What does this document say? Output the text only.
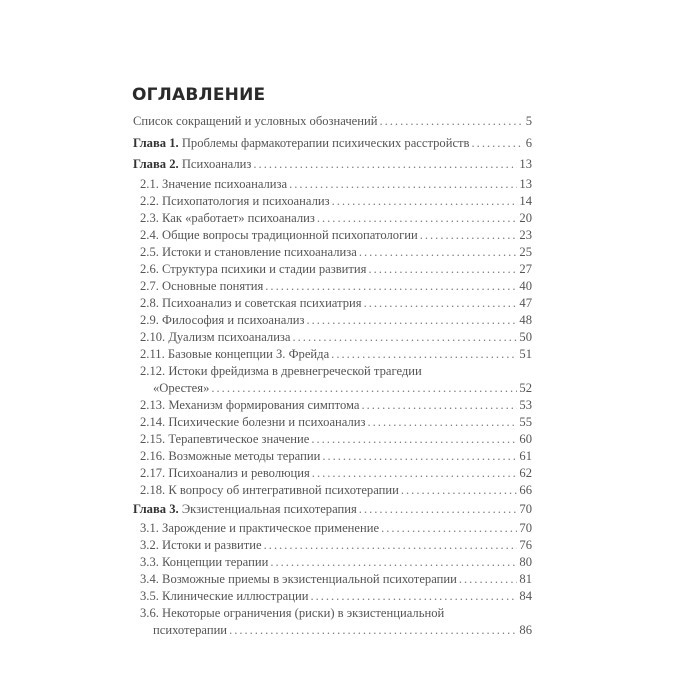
ОГЛАВЛЕНИЕ
Список сокращений и условных обозначений .....	5
Глава 1. Проблемы фармакотерапии психических расстройств .....	6
Глава 2. Психоанализ .....	13
2.1. Значение психоанализа .....	13
2.2. Психопатология и психоанализ .....	14
2.3. Как «работает» психоанализ .....	20
2.4. Общие вопросы традиционной психопатологии .....	23
2.5. Истоки и становление психоанализа .....	25
2.6. Структура психики и стадии развития .....	27
2.7. Основные понятия .....	40
2.8. Психоанализ и советская психиатрия .....	47
2.9. Философия и психоанализ .....	48
2.10. Дуализм психоанализа .....	50
2.11. Базовые концепции З. Фрейда .....	51
2.12. Истоки фрейдизма в древнегреческой трагедии
«Орестея» .....	52
2.13. Механизм формирования симптома .....	53
2.14. Психические болезни и психоанализ .....	55
2.15. Терапевтическое значение .....	60
2.16. Возможные методы терапии .....	61
2.17. Психоанализ и революция .....	62
2.18. К вопросу об интегративной психотерапии .....	66
Глава 3. Экзистенциальная психотерапия .....	70
3.1. Зарождение и практическое применение .....	70
3.2. Истоки и развитие .....	76
3.3. Концепции терапии .....	80
3.4. Возможные приемы в экзистенциальной психотерапии .....	81
3.5. Клинические иллюстрации .....	84
3.6. Некоторые ограничения (риски) в экзистенциальной
психотерапии .....	86
